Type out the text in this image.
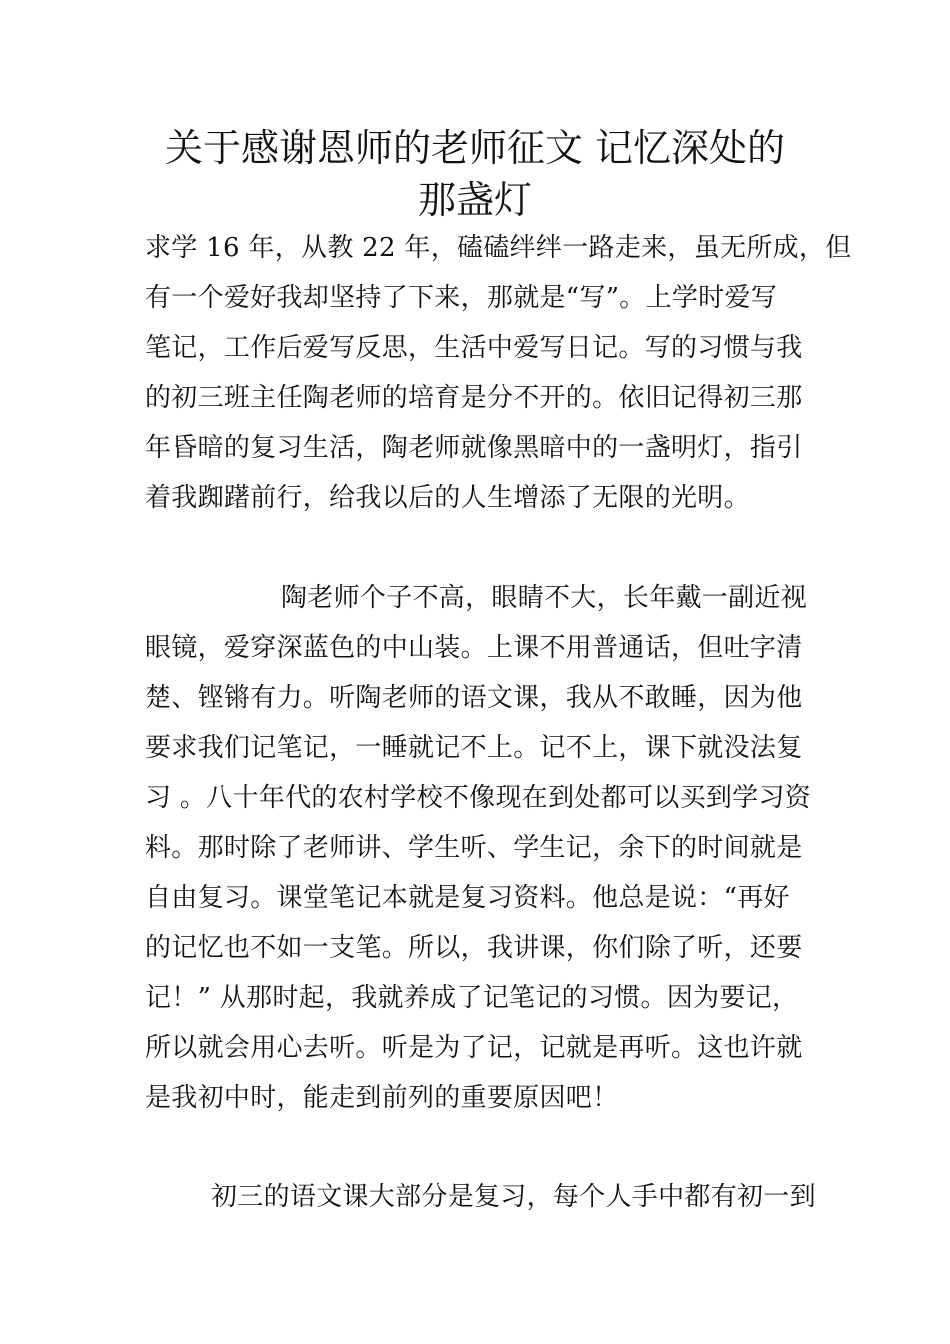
关于感谢恩师的老师征文 记忆深处的
那盏灯
求学 16 年，从教 22 年，磕磕绊绊一路走来，虽无所成，但
有一个爱好我却坚持了下来，那就是“写”。上学时爱写
笔记，工作后爱写反思，生活中爱写日记。写的习惯与我
的初三班主任陶老师的培育是分不开的。依旧记得初三那
年昏暗的复习生活，陶老师就像黑暗中的一盏明灯，指引
着我踟躇前行，给我以后的人生增添了无限的光明。
陶老师个子不高，眼睛不大，长年戴一副近视
眼镜，爱穿深蓝色的中山装。上课不用普通话，但吐字清
楚、铿锵有力。听陶老师的语文课，我从不敢睡，因为他
要求我们记笔记，一睡就记不上。记不上，课下就没法复
习 。八十年代的农村学校不像现在到处都可以买到学习资
料。那时除了老师讲、学生听、学生记，余下的时间就是
自由复习。课堂笔记本就是复习资料。他总是说：“再好
的记忆也不如一支笔。所以，我讲课，你们除了听，还要
记！” 从那时起，我就养成了记笔记的习惯。因为要记，
所以就会用心去听。听是为了记，记就是再听。这也许就
是我初中时，能走到前列的重要原因吧！
初三的语文课大部分是复习，每个人手中都有初一到
